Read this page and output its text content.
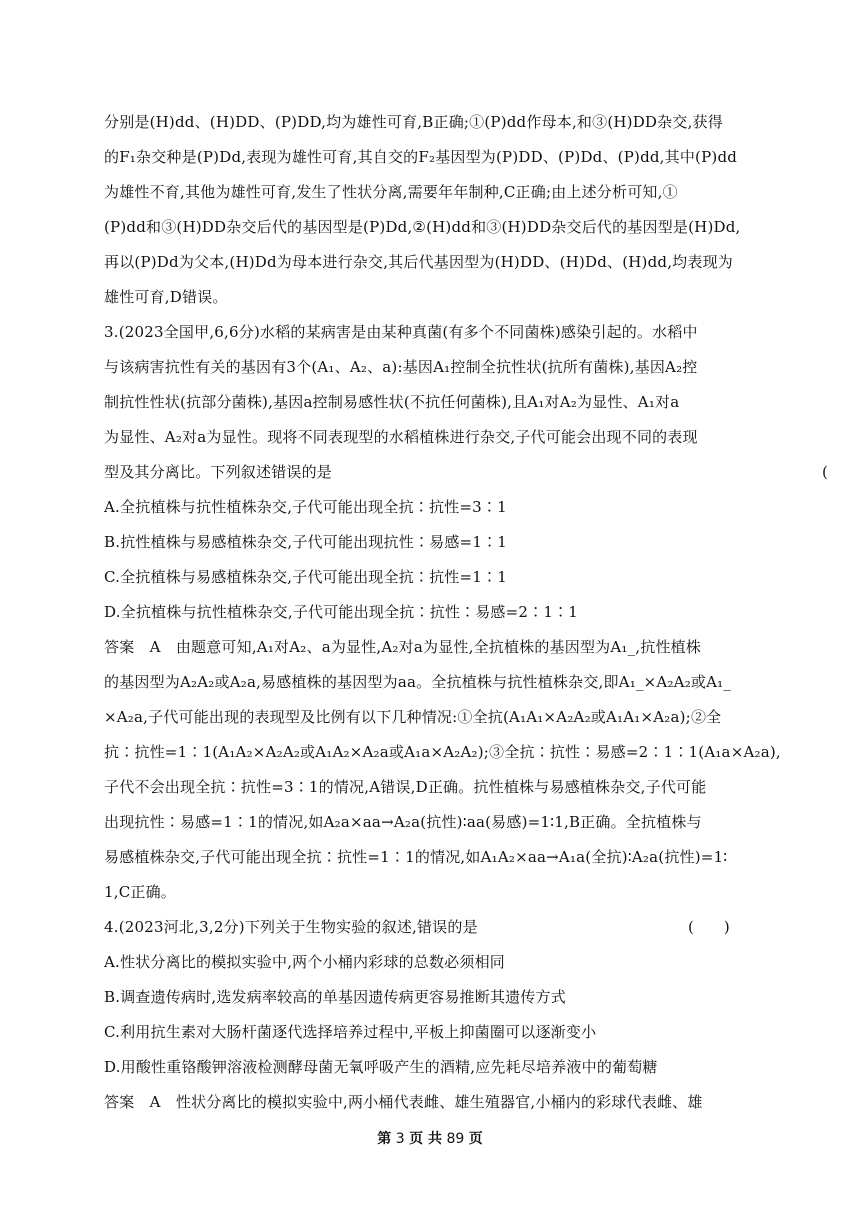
分别是(H)dd、(H)DD、(P)DD,均为雄性可育,B正确;①(P)dd作母本,和③(H)DD杂交,获得
的F₁杂交种是(P)Dd,表现为雄性可育,其自交的F₂基因型为(P)DD、(P)Dd、(P)dd,其中(P)dd
为雄性不育,其他为雄性可育,发生了性状分离,需要年年制种,C正确;由上述分析可知,①
(P)dd和③(H)DD杂交后代的基因型是(P)Dd,②(H)dd和③(H)DD杂交后代的基因型是(H)Dd,
再以(P)Dd为父本,(H)Dd为母本进行杂交,其后代基因型为(H)DD、(H)Dd、(H)dd,均表现为
雄性可育,D错误。
3.(2023全国甲,6,6分)水稻的某病害是由某种真菌(有多个不同菌株)感染引起的。水稻中
与该病害抗性有关的基因有3个(A₁、A₂、a):基因A₁控制全抗性状(抗所有菌株),基因A₂控
制抗性性状(抗部分菌株),基因a控制易感性状(不抗任何菌株),且A₁对A₂为显性、A₁对a
为显性、A₂对a为显性。现将不同表现型的水稻植株进行杂交,子代可能会出现不同的表现
型及其分离比。下列叙述错误的是	(
A.全抗植株与抗性植株杂交,子代可能出现全抗∶抗性=3∶1
B.抗性植株与易感植株杂交,子代可能出现抗性∶易感=1∶1
C.全抗植株与易感植株杂交,子代可能出现全抗∶抗性=1∶1
D.全抗植株与抗性植株杂交,子代可能出现全抗∶抗性∶易感=2∶1∶1
答案　A　由题意可知,A₁对A₂、a为显性,A₂对a为显性,全抗植株的基因型为A₁_,抗性植株
的基因型为A₂A₂或A₂a,易感植株的基因型为aa。全抗植株与抗性植株杂交,即A₁_×A₂A₂或A₁_
×A₂a,子代可能出现的表现型及比例有以下几种情况:①全抗(A₁A₁×A₂A₂或A₁A₁×A₂a);②全
抗∶抗性=1∶1(A₁A₂×A₂A₂或A₁A₂×A₂a或A₁a×A₂A₂);③全抗∶抗性∶易感=2∶1∶1(A₁a×A₂a),
子代不会出现全抗∶抗性=3∶1的情况,A错误,D正确。抗性植株与易感植株杂交,子代可能
出现抗性∶易感=1∶1的情况,如A₂a×aa→A₂a(抗性)∶aa(易感)=1∶1,B正确。全抗植株与
易感植株杂交,子代可能出现全抗∶抗性=1∶1的情况,如A₁A₂×aa→A₁a(全抗)∶A₂a(抗性)=1∶
1,C正确。
4.(2023河北,3,2分)下列关于生物实验的叙述,错误的是	(　　)
A.性状分离比的模拟实验中,两个小桶内彩球的总数必须相同
B.调查遗传病时,选发病率较高的单基因遗传病更容易推断其遗传方式
C.利用抗生素对大肠杆菌逐代选择培养过程中,平板上抑菌圈可以逐渐变小
D.用酸性重铬酸钾溶液检测酵母菌无氧呼吸产生的酒精,应先耗尽培养液中的葡萄糖
答案　A　性状分离比的模拟实验中,两小桶代表雌、雄生殖器官,小桶内的彩球代表雌、雄
第 3 页 共 89 页
